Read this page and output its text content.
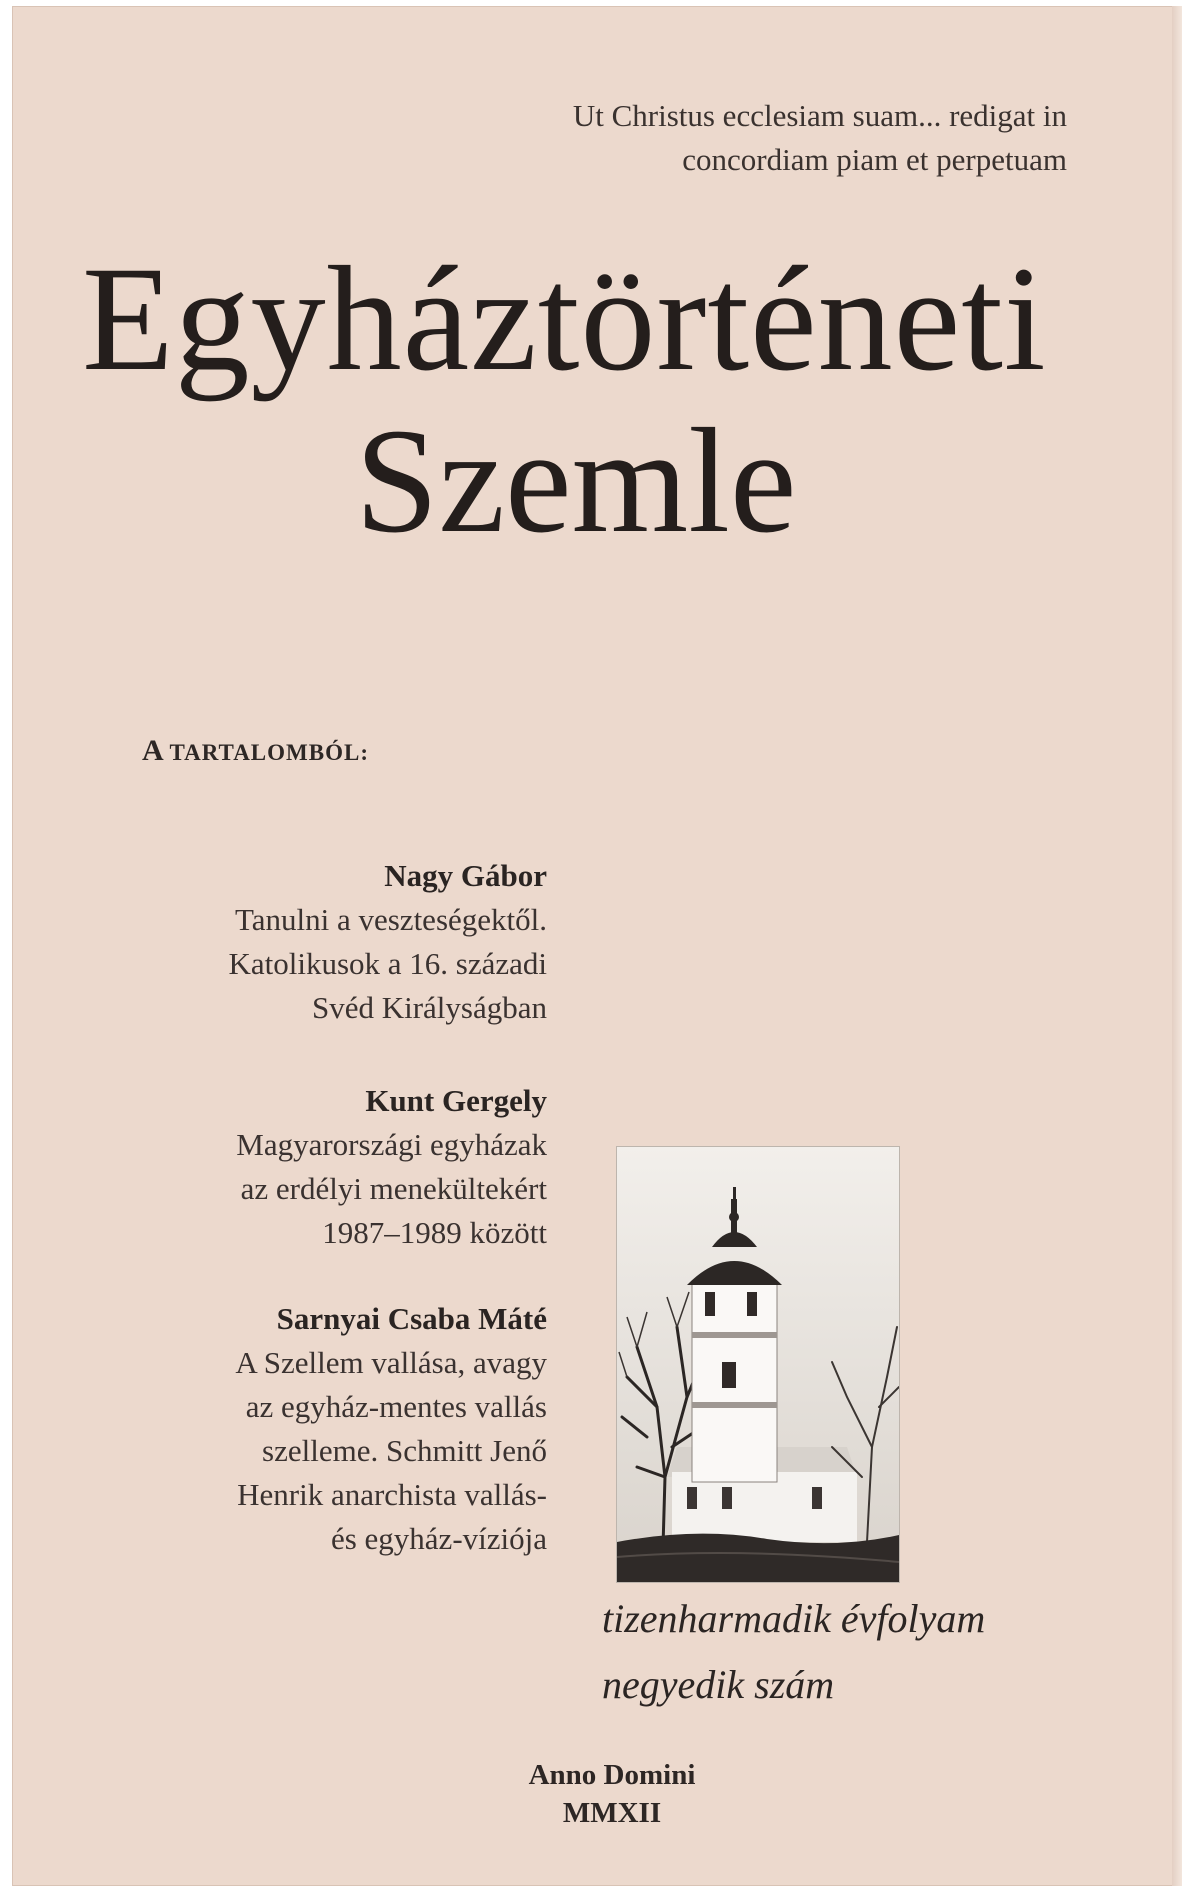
Ut Christus ecclesiam suam... redigat in
concordiam piam et perpetuam
Egyháztörténeti
Szemle
A TARTALOMBÓL:
Nagy Gábor
Tanulni a veszteségektől.
Katolikusok a 16. századi
Svéd Királyságban
Kunt Gergely
Magyarországi egyházak
az erdélyi menekültekért
1987–1989 között
Sarnyai Csaba Máté
A Szellem vallása, avagy
az egyház-mentes vallás
szelleme. Schmitt Jenő
Henrik anarchista vallás-
és egyház-víziója
tizenharmadik évfolyam
negyedik szám
Anno Domini
MMXII
